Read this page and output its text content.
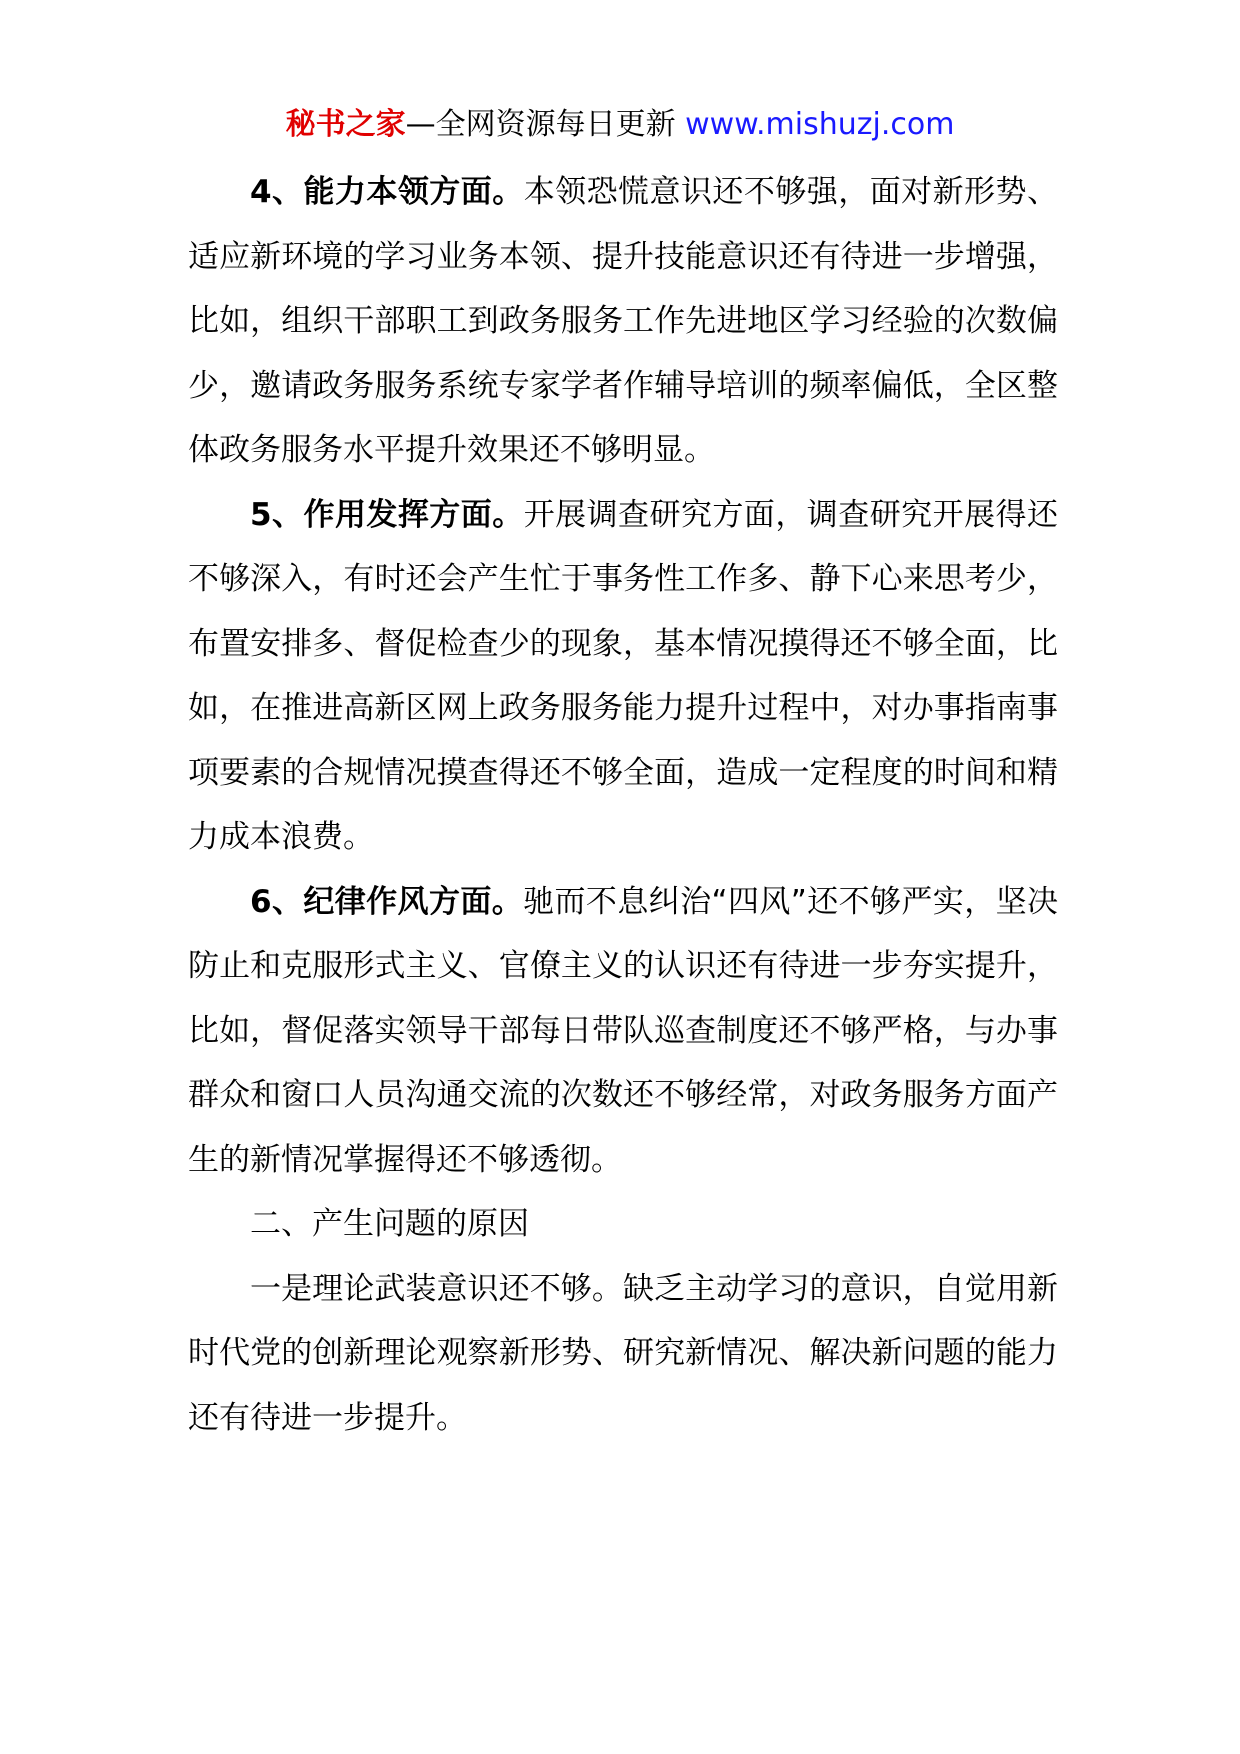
秘书之家—全网资源每日更新 www.mishuzj.com

4、能力本领方面。本领恐慌意识还不够强，面对新形势、适应新环境的学习业务本领、提升技能意识还有待进一步增强，比如，组织干部职工到政务服务工作先进地区学习经验的次数偏少，邀请政务服务系统专家学者作辅导培训的频率偏低，全区整体政务服务水平提升效果还不够明显。

5、作用发挥方面。开展调查研究方面，调查研究开展得还不够深入，有时还会产生忙于事务性工作多、静下心来思考少，布置安排多、督促检查少的现象，基本情况摸得还不够全面，比如，在推进高新区网上政务服务能力提升过程中，对办事指南事项要素的合规情况摸查得还不够全面，造成一定程度的时间和精力成本浪费。

6、纪律作风方面。驰而不息纠治“四风”还不够严实，坚决防止和克服形式主义、官僚主义的认识还有待进一步夯实提升，比如，督促落实领导干部每日带队巡查制度还不够严格，与办事群众和窗口人员沟通交流的次数还不够经常，对政务服务方面产生的新情况掌握得还不够透彻。

二、产生问题的原因

一是理论武装意识还不够。缺乏主动学习的意识，自觉用新时代党的创新理论观察新形势、研究新情况、解决新问题的能力还有待进一步提升。
